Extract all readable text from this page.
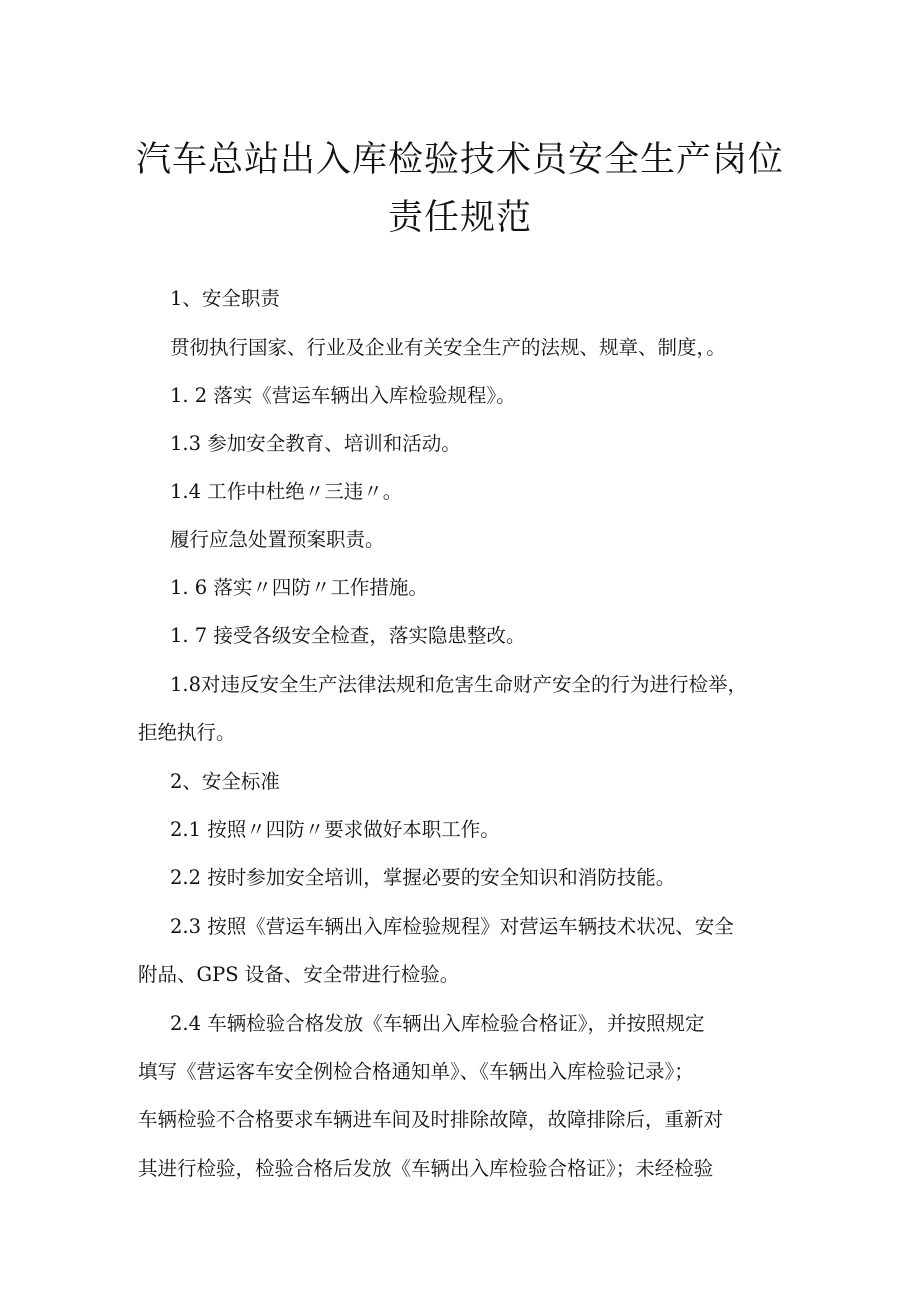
汽车总站出入库检验技术员安全生产岗位
责任规范
1、安全职责
贯彻执行国家、行业及企业有关安全生产的法规、规章、制度，。
1. 2 落实《营运车辆出入库检验规程》。
1.3 参加安全教育、培训和活动。
1.4 工作中杜绝〃三违〃。
履行应急处置预案职责。
1. 6 落实〃四防〃工作措施。
1. 7 接受各级安全检查，落实隐患整改。
1.8对违反安全生产法律法规和危害生命财产安全的行为进行检举，
拒绝执行。
2、安全标准
2.1 按照〃四防〃要求做好本职工作。
2.2 按时参加安全培训，掌握必要的安全知识和消防技能。
2.3 按照《营运车辆出入库检验规程》对营运车辆技术状况、安全
附品、GPS 设备、安全带进行检验。
2.4 车辆检验合格发放《车辆出入库检验合格证》，并按照规定
填写《营运客车安全例检合格通知单》、《车辆出入库检验记录》；
车辆检验不合格要求车辆进车间及时排除故障，故障排除后，重新对
其进行检验，检验合格后发放《车辆出入库检验合格证》；未经检验
